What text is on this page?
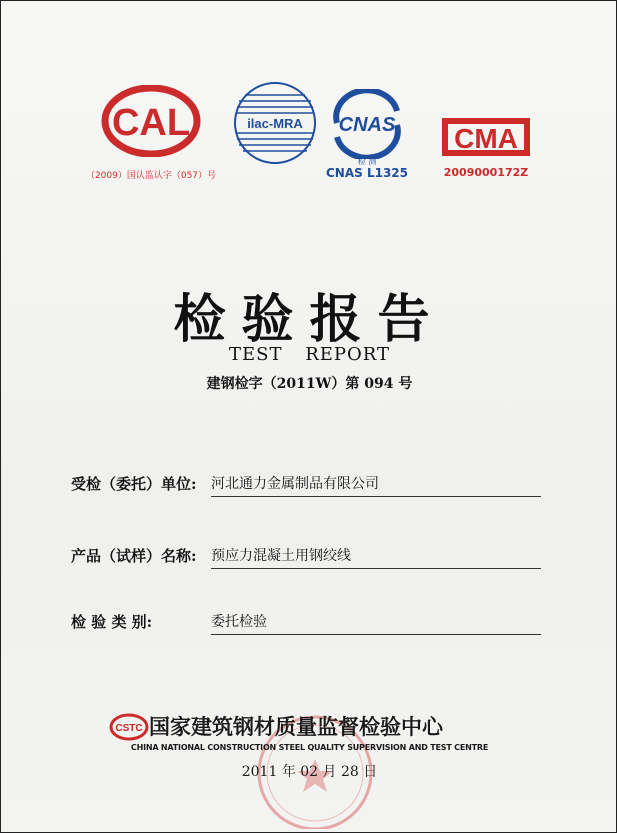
CAL
（2009）国认监认字（057）号
ilac-MRA CNAS
检 测
CNAS L1325
CMA
2009000172Z
检验报告
TEST REPORT
建钢检字（2011W）第 094 号
受检（委托）单位: 河北通力金属制品有限公司
产品（试样）名称: 预应力混凝土用钢绞线
检 验 类 别:	委托检验
CSTC 国家建筑钢材质量监督检验中心
CHINA NATIONAL CONSTRUCTION STEEL QUALITY SUPERVISION AND TEST CENTRE
2011 年 02 月 28 日
